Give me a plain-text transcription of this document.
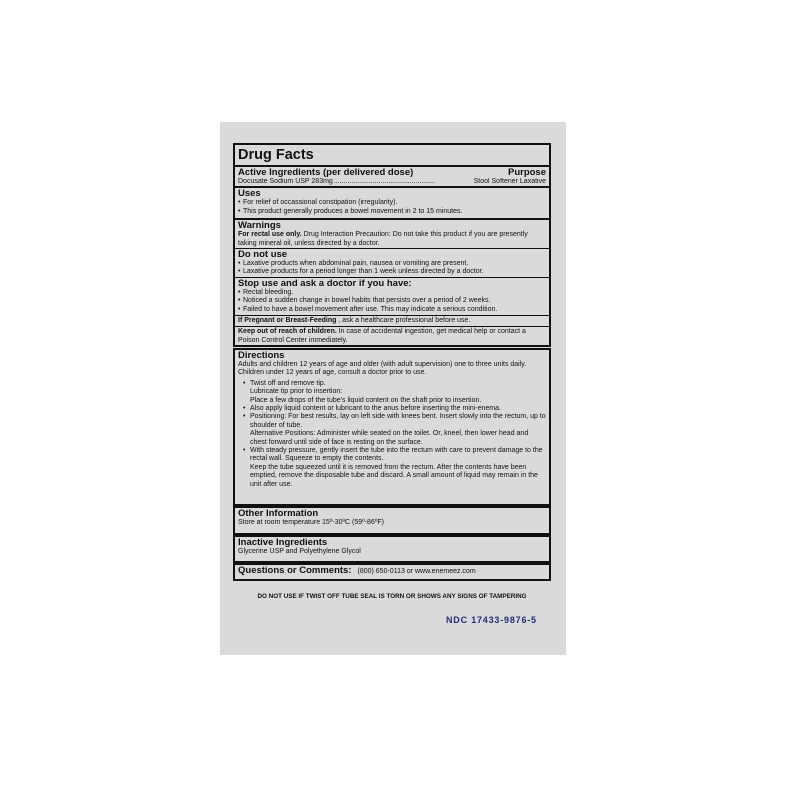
Drug Facts
Active Ingredients (per delivered dose)	Purpose
Docusate Sodium USP 283mg ....................................................	Stool Softener Laxative
Uses
• For relief of occassional constipation (irregularity).
• This product generally produces a bowel movement in 2 to 15 minutes.
Warnings
For rectal use only. Drug Interaction Precaution: Do not take this product if you are presently taking mineral oil, unless directed by a doctor.
Do not use
• Laxative products when abdominal pain, nausea or vomiting are present.
• Laxative products for a period longer than 1 week unless directed by a doctor.
Stop use and ask a doctor if you have:
• Rectal bleeding.
• Noticed a sudden change in bowel habits that persists over a period of 2 weeks.
• Failed to have a bowel movement after use. This may indicate a serious condition.
If Pregnant or Breast-Feeding , ask a healthcare professional before use.
Keep out of reach of children. In case of accidental ingestion, get medical help or contact a Poison Control Center immediately.
Directions
Adults and children 12 years of age and older (with adult supervision) one to three units daily. Children under 12 years of age, consult a doctor prior to use.
• Twist off and remove tip.
Lubricate tip prior to insertion:
Place a few drops of the tube's liquid content on the shaft prior to insertion.
• Also apply liquid content or lubricant to the anus before inserting the mini-enema.
• Positioning: For best results, lay on left side with knees bent. Insert slowly into the rectum, up to shoulder of tube.
Alternative Positions: Administer while seated on the toilet. Or, kneel, then lower head and chest forward until side of face is resting on the surface.
• With steady pressure, gently insert the tube into the rectum with care to prevent damage to the rectal wall. Squeeze to empty the contents.
Keep the tube squeezed until it is removed from the rectum. After the contents have been emptied, remove the disposable tube and discard. A small amount of liquid may remain in the unit after use.
Other Information
Store at room temperature 15º-30ºC (59º-86ºF)
Inactive Ingredients
Glycerine USP and Polyethylene Glycol
Questions or Comments: (800) 650-0113 or www.enemeez.com
DO NOT USE IF TWIST OFF TUBE SEAL IS TORN OR SHOWS ANY SIGNS OF TAMPERING
NDC 17433-9876-5
